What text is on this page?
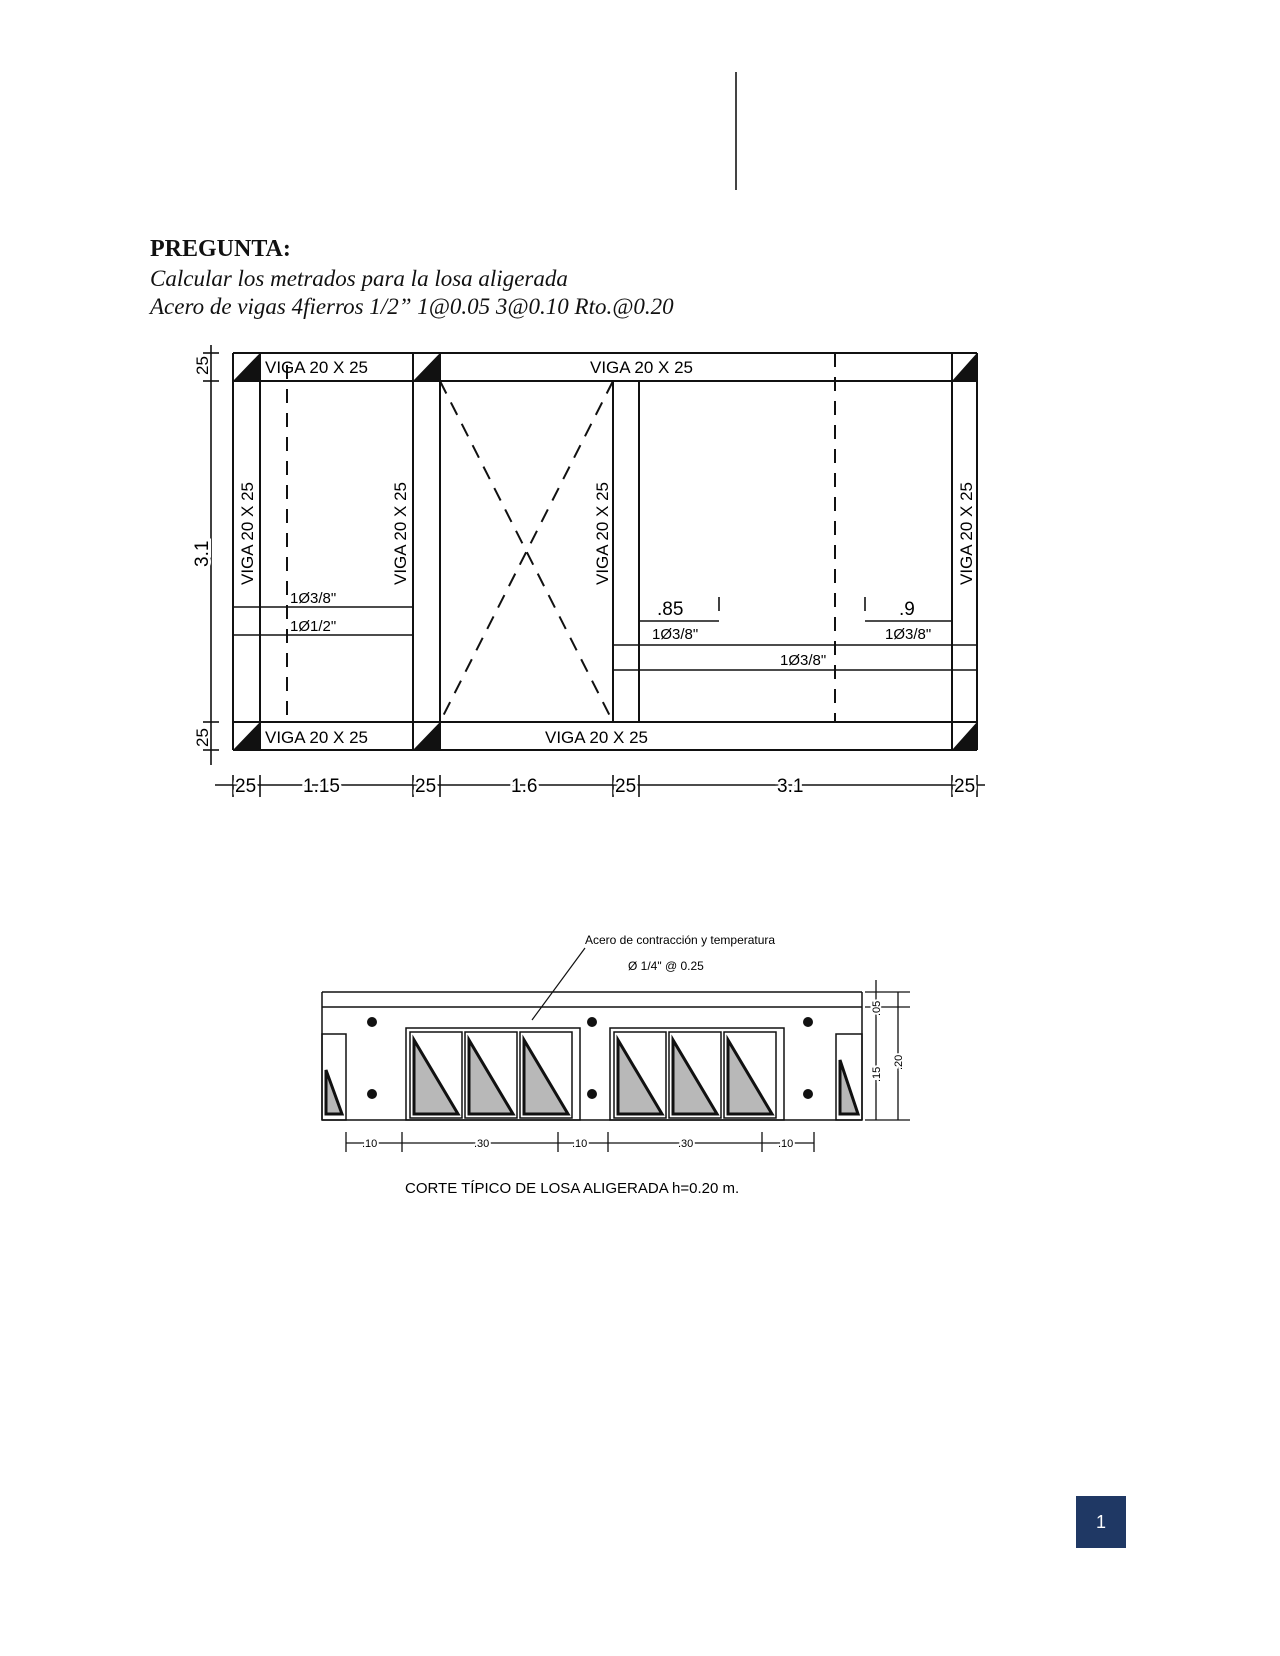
PREGUNTA:
Calcular los metrados para la losa aligerada
Acero de vigas 4fierros 1/2” 1@0.05 3@0.10 Rto.@0.20
VIGA 20 X 25	VIGA 20 X 25
VIGA 20 X 25	VIGA 20 X 25
VIGA 20 X 25	VIGA 20 X 25	VIGA 20 X 25	VIGA 20 X 25
1Ø3/8"
1Ø1/2"
.85	.9
1Ø3/8"	1Ø3/8"
1Ø3/8"
25
3.1
25
25 1.15	25	1.6	25	3.1	25
Acero de contracción y temperatura
Ø 1/4" @ 0.25
.10	.30	.10	.30	.10
.05
.15
.20
CORTE TÍPICO DE LOSA ALIGERADA h=0.20 m.
1
